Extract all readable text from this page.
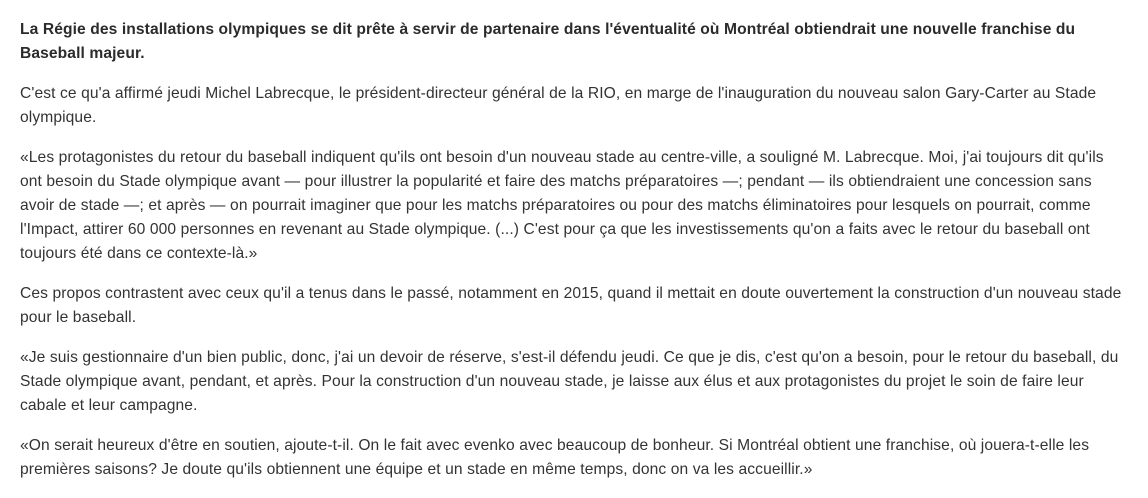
La Régie des installations olympiques se dit prête à servir de partenaire dans l'éventualité où Montréal obtiendrait une nouvelle franchise du Baseball majeur.

C'est ce qu'a affirmé jeudi Michel Labrecque, le président-directeur général de la RIO, en marge de l'inauguration du nouveau salon Gary-Carter au Stade olympique.

«Les protagonistes du retour du baseball indiquent qu'ils ont besoin d'un nouveau stade au centre-ville, a souligné M. Labrecque. Moi, j'ai toujours dit qu'ils ont besoin du Stade olympique avant — pour illustrer la popularité et faire des matchs préparatoires —; pendant — ils obtiendraient une concession sans avoir de stade —; et après — on pourrait imaginer que pour les matchs préparatoires ou pour des matchs éliminatoires pour lesquels on pourrait, comme l'Impact, attirer 60 000 personnes en revenant au Stade olympique. (...) C'est pour ça que les investissements qu'on a faits avec le retour du baseball ont toujours été dans ce contexte-là.»

Ces propos contrastent avec ceux qu'il a tenus dans le passé, notamment en 2015, quand il mettait en doute ouvertement la construction d'un nouveau stade pour le baseball.

«Je suis gestionnaire d'un bien public, donc, j'ai un devoir de réserve, s'est-il défendu jeudi. Ce que je dis, c'est qu'on a besoin, pour le retour du baseball, du Stade olympique avant, pendant, et après. Pour la construction d'un nouveau stade, je laisse aux élus et aux protagonistes du projet le soin de faire leur cabale et leur campagne.

«On serait heureux d'être en soutien, ajoute-t-il. On le fait avec evenko avec beaucoup de bonheur. Si Montréal obtient une franchise, où jouera-t-elle les premières saisons? Je doute qu'ils obtiennent une équipe et un stade en même temps, donc on va les accueillir.»
